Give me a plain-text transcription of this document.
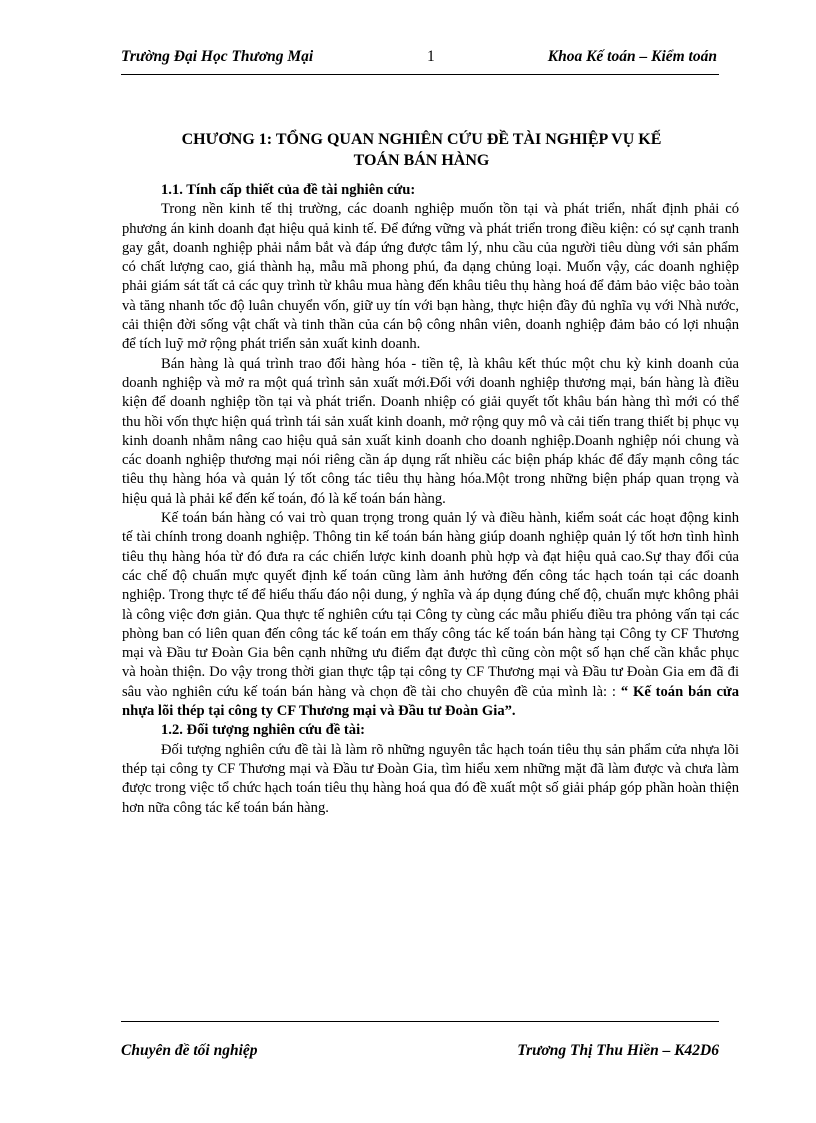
Trường Đại Học Thương Mại	1	Khoa Kế toán – Kiểm toán
CHƯƠNG 1: TỔNG QUAN NGHIÊN CỨU ĐỀ TÀI NGHIỆP VỤ KẾ
TOÁN BÁN HÀNG
1.1. Tính cấp thiết của đề tài nghiên cứu:

Trong nền kinh tế thị trường, các doanh nghiệp muốn tồn tại và phát triển, nhất định phải có phương án kinh doanh đạt hiệu quả kinh tế. Để đứng vững và phát triển trong điều kiện: có sự cạnh tranh gay gắt, doanh nghiệp phải nắm bắt và đáp ứng được tâm lý, nhu cầu của người tiêu dùng với sản phẩm có chất lượng cao, giá thành hạ, mẫu mã phong phú, đa dạng chủng loại. Muốn vậy, các doanh nghiệp phải giám sát tất cả các quy trình từ khâu mua hàng đến khâu tiêu thụ hàng hoá để đảm bảo việc bảo toàn và tăng nhanh tốc độ luân chuyển vốn, giữ uy tín với bạn hàng, thực hiện đầy đủ nghĩa vụ với Nhà nước, cải thiện đời sống vật chất và tinh thần của cán bộ công nhân viên, doanh nghiệp đảm bảo có lợi nhuận để tích luỹ mở rộng phát triển sản xuất kinh doanh.

Bán hàng là quá trình trao đổi hàng hóa - tiền tệ, là khâu kết thúc một chu kỳ kinh doanh của doanh nghiệp và mở ra một quá trình sản xuất mới.Đối với doanh nghiệp thương mại, bán hàng là điều kiện để doanh nghiệp tồn tại và phát triển. Doanh nhiệp có giải quyết tốt khâu bán hàng thì mới có thể thu hồi vốn thực hiện quá trình tái sản xuất kinh doanh, mở rộng quy mô và cải tiến trang thiết bị phục vụ kinh doanh nhằm nâng cao hiệu quả sản xuất kinh doanh cho doanh nghiệp.Doanh nghiệp nói chung và các doanh nghiệp thương mại nói riêng cần áp dụng rất nhiều các biện pháp khác để đẩy mạnh công tác tiêu thụ hàng hóa và quản lý tốt công tác tiêu thụ hàng hóa.Một trong những biện pháp quan trọng và hiệu quả là phải kể đến kế toán, đó là kế toán bán hàng.

Kế toán bán hàng có vai trò quan trọng trong quản lý và điều hành, kiểm soát các hoạt động kinh tế tài chính trong doanh nghiệp. Thông tin kế toán bán hàng giúp doanh nghiệp quản lý tốt hơn tình hình tiêu thụ hàng hóa từ đó đưa ra các chiến lược kinh doanh phù hợp và đạt hiệu quả cao.Sự thay đổi của các chế độ chuẩn mực quyết định kế toán cũng làm ảnh hưởng đến công tác hạch toán tại các doanh nghiệp. Trong thực tế để hiểu thấu đáo nội dung, ý nghĩa và áp dụng đúng chế độ, chuẩn mực không phải là công việc đơn giản. Qua thực tế nghiên cứu tại Công ty cùng các mẫu phiếu điều tra phỏng vấn tại các phòng ban có liên quan đến công tác kế toán em thấy công tác kế toán bán hàng tại Công ty CF Thương mại và Đầu tư Đoàn Gia bên cạnh những ưu điểm đạt được thì cũng còn một số hạn chế cần khắc phục và hoàn thiện. Do vậy trong thời gian thực tập tại công ty CF Thương mại và Đầu tư Đoàn Gia em đã đi sâu vào nghiên cứu kế toán bán hàng và chọn đề tài cho chuyên đề của mình là: : “ Kế toán bán cửa nhựa lõi thép tại công ty CF Thương mại và Đầu tư Đoàn Gia”.

1.2. Đối tượng nghiên cứu đề tài:

Đối tượng nghiên cứu đề tài là làm rõ những nguyên tắc hạch toán tiêu thụ sản phẩm cửa nhựa lõi thép tại công ty CF Thương mại và Đầu tư Đoàn Gia, tìm hiểu xem những mặt đã làm được và chưa làm được trong việc tổ chức hạch toán tiêu thụ hàng hoá qua đó đề xuất một số giải pháp góp phần hoàn thiện hơn nữa công tác kế toán bán hàng.

Chuyên đề tối nghiệp	Trương Thị Thu Hiền – K42D6
